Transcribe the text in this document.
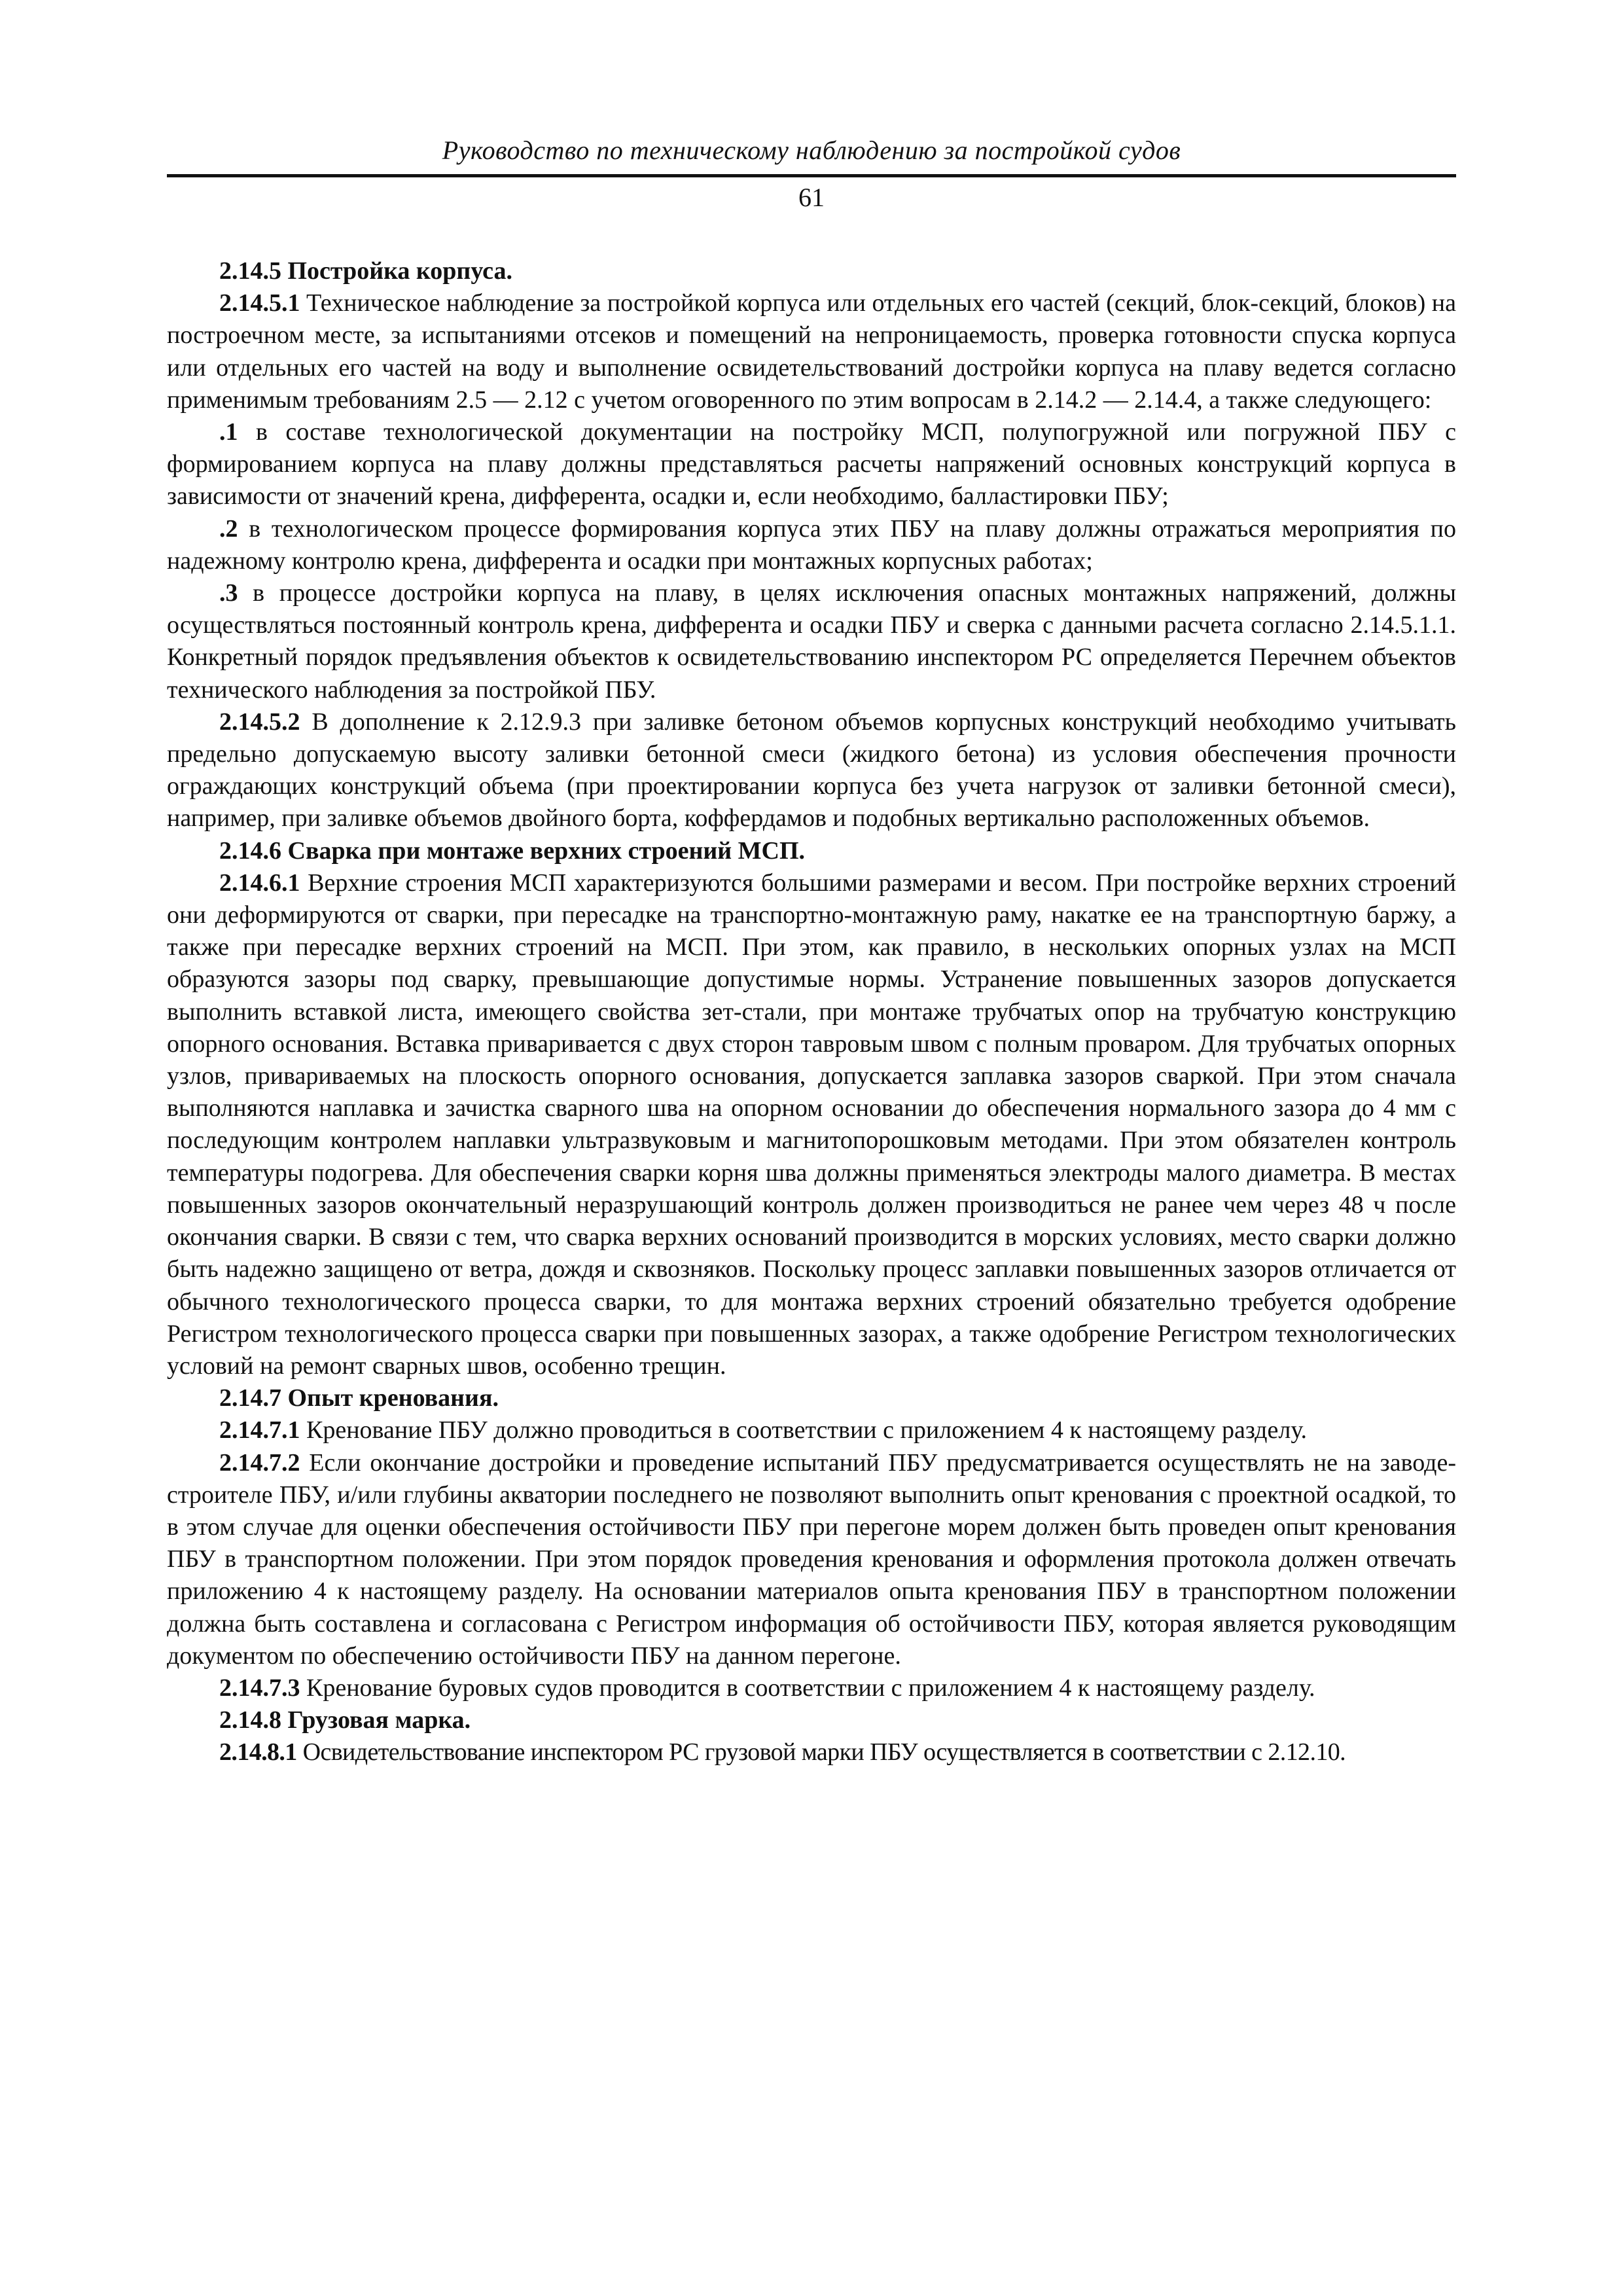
Руководство по техническому наблюдению за постройкой судов
61

2.14.5 Постройка корпуса.

2.14.5.1 Техническое наблюдение за постройкой корпуса или отдельных его частей (секций, блок-секций, блоков) на построечном месте, за испытаниями отсеков и помещений на непроницаемость, проверка готовности спуска корпуса или отдельных его частей на воду и выполнение освидетельствований достройки корпуса на плаву ведется согласно применимым требованиям 2.5 — 2.12 с учетом оговоренного по этим вопросам в 2.14.2 — 2.14.4, а также следующего:

.1 в составе технологической документации на постройку МСП, полупогружной или погружной ПБУ с формированием корпуса на плаву должны представляться расчеты напряжений основных конструкций корпуса в зависимости от значений крена, дифферента, осадки и, если необходимо, балластировки ПБУ;

.2 в технологическом процессе формирования корпуса этих ПБУ на плаву должны отражаться мероприятия по надежному контролю крена, дифферента и осадки при монтажных корпусных работах;

.3 в процессе достройки корпуса на плаву, в целях исключения опасных монтажных напряжений, должны осуществляться постоянный контроль крена, дифферента и осадки ПБУ и сверка с данными расчета согласно 2.14.5.1.1. Конкретный порядок предъявления объектов к освидетельствованию инспектором РС определяется Перечнем объектов технического наблюдения за постройкой ПБУ.

2.14.5.2 В дополнение к 2.12.9.3 при заливке бетоном объемов корпусных конструкций необходимо учитывать предельно допускаемую высоту заливки бетонной смеси (жидкого бетона) из условия обеспечения прочности ограждающих конструкций объема (при проектировании корпуса без учета нагрузок от заливки бетонной смеси), например, при заливке объемов двойного борта, коффердамов и подобных вертикально расположенных объемов.

2.14.6 Сварка при монтаже верхних строений МСП.

2.14.6.1 Верхние строения МСП характеризуются большими размерами и весом. При постройке верхних строений они деформируются от сварки, при пересадке на транспортно-монтажную раму, накатке ее на транспортную баржу, а также при пересадке верхних строений на МСП. При этом, как правило, в нескольких опорных узлах на МСП образуются зазоры под сварку, превышающие допустимые нормы. Устранение повышенных зазоров допускается выполнить вставкой листа, имеющего свойства зет-стали, при монтаже трубчатых опор на трубчатую конструкцию опорного основания. Вставка приваривается с двух сторон тавровым швом с полным проваром. Для трубчатых опорных узлов, привариваемых на плоскость опорного основания, допускается заплавка зазоров сваркой. При этом сначала выполняются наплавка и зачистка сварного шва на опорном основании до обеспечения нормального зазора до 4 мм с последующим контролем наплавки ультразвуковым и магнитопорошковым методами. При этом обязателен контроль температуры подогрева. Для обеспечения сварки корня шва должны применяться электроды малого диаметра. В местах повышенных зазоров окончательный неразрушающий контроль должен производиться не ранее чем через 48 ч после окончания сварки. В связи с тем, что сварка верхних оснований производится в морских условиях, место сварки должно быть надежно защищено от ветра, дождя и сквозняков. Поскольку процесс заплавки повышенных зазоров отличается от обычного технологического процесса сварки, то для монтажа верхних строений обязательно требуется одобрение Регистром технологического процесса сварки при повышенных зазорах, а также одобрение Регистром технологических условий на ремонт сварных швов, особенно трещин.

2.14.7 Опыт кренования.

2.14.7.1 Кренование ПБУ должно проводиться в соответствии с приложением 4 к настоящему разделу.

2.14.7.2 Если окончание достройки и проведение испытаний ПБУ предусматривается осуществлять не на заводе-строителе ПБУ, и/или глубины акватории последнего не позволяют выполнить опыт кренования с проектной осадкой, то в этом случае для оценки обеспечения остойчивости ПБУ при перегоне морем должен быть проведен опыт кренования ПБУ в транспортном положении. При этом порядок проведения кренования и оформления протокола должен отвечать приложению 4 к настоящему разделу. На основании материалов опыта кренования ПБУ в транспортном положении должна быть составлена и согласована с Регистром информация об остойчивости ПБУ, которая является руководящим документом по обеспечению остойчивости ПБУ на данном перегоне.

2.14.7.3 Кренование буровых судов проводится в соответствии с приложением 4 к настоящему разделу.

2.14.8 Грузовая марка.

2.14.8.1 Освидетельствование инспектором РС грузовой марки ПБУ осуществляется в соответствии с 2.12.10.
